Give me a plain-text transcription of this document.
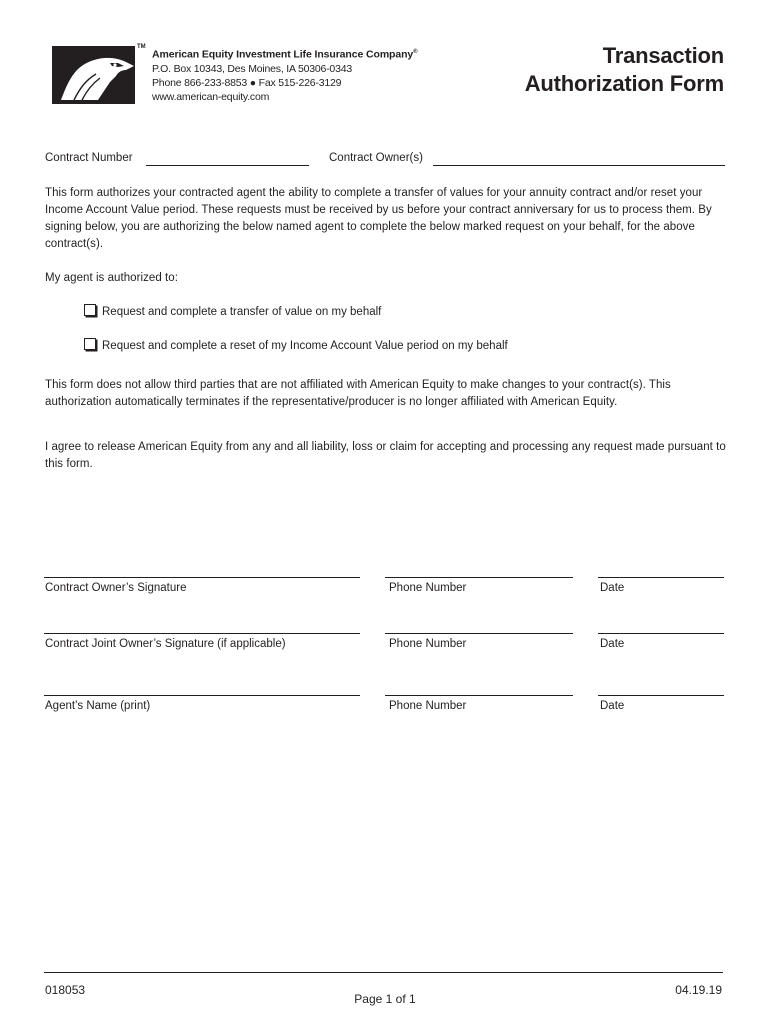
TM
American Equity Investment Life Insurance Company®
P.O. Box 10343, Des Moines, IA 50306-0343
Phone 866-233-8853 ● Fax 515-226-3129
www.american-equity.com
Transaction
Authorization Form
Contract Number	Contract Owner(s)
This form authorizes your contracted agent the ability to complete a transfer of values for your annuity contract and/or reset your Income Account Value period. These requests must be received by us before your contract anniversary for us to process them. By signing below, you are authorizing the below named agent to complete the below marked request on your behalf, for the above contract(s).
My agent is authorized to:
Request and complete a transfer of value on my behalf
Request and complete a reset of my Income Account Value period on my behalf
This form does not allow third parties that are not affiliated with American Equity to make changes to your contract(s). This authorization automatically terminates if the representative/producer is no longer affiliated with American Equity.
I agree to release American Equity from any and all liability, loss or claim for accepting and processing any request made pursuant to this form.
Contract Owner’s Signature	Phone Number	Date
Contract Joint Owner’s Signature (if applicable)	Phone Number	Date
Agent’s Name (print)	Phone Number	Date
018053
Page 1 of 1
04.19.19
